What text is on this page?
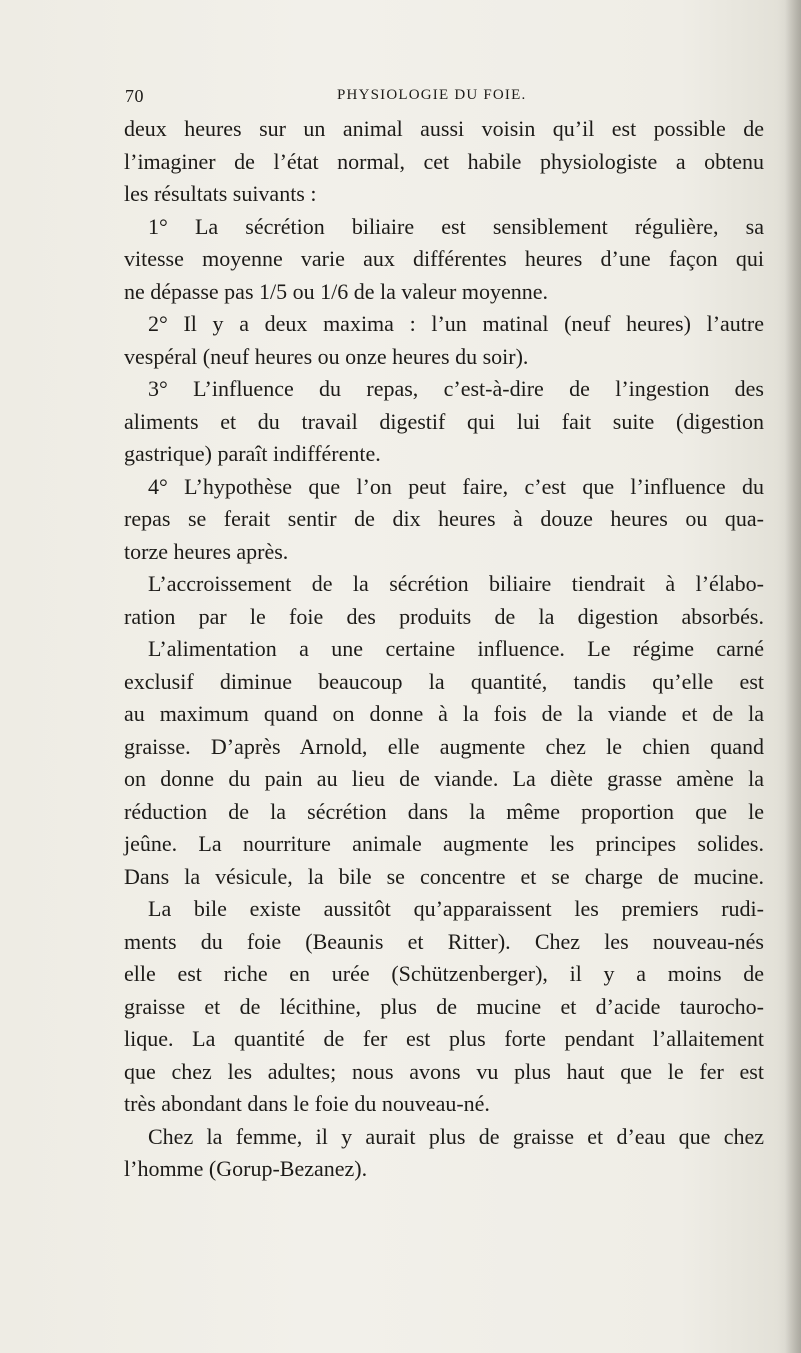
70	PHYSIOLOGIE DU FOIE.
deux heures sur un animal aussi voisin qu’il est possible de
l’imaginer de l’état normal, cet habile physiologiste a obtenu
les résultats suivants :
1° La sécrétion biliaire est sensiblement régulière, sa
vitesse moyenne varie aux différentes heures d’une façon qui
ne dépasse pas 1/5 ou 1/6 de la valeur moyenne.
2° Il y a deux maxima : l’un matinal (neuf heures) l’autre
vespéral (neuf heures ou onze heures du soir).
3° L’influence du repas, c’est-à-dire de l’ingestion des
aliments et du travail digestif qui lui fait suite (digestion
gastrique) paraît indifférente.
4° L’hypothèse que l’on peut faire, c’est que l’influence du
repas se ferait sentir de dix heures à douze heures ou qua-
torze heures après.
L’accroissement de la sécrétion biliaire tiendrait à l’élabo-
ration par le foie des produits de la digestion absorbés.
L’alimentation a une certaine influence. Le régime carné
exclusif diminue beaucoup la quantité, tandis qu’elle est
au maximum quand on donne à la fois de la viande et de la
graisse. D’après Arnold, elle augmente chez le chien quand
on donne du pain au lieu de viande. La diète grasse amène la
réduction de la sécrétion dans la même proportion que le
jeûne. La nourriture animale augmente les principes solides.
Dans la vésicule, la bile se concentre et se charge de mucine.
La bile existe aussitôt qu’apparaissent les premiers rudi-
ments du foie (Beaunis et Ritter). Chez les nouveau-nés
elle est riche en urée (Schützenberger), il y a moins de
graisse et de lécithine, plus de mucine et d’acide taurocho-
lique. La quantité de fer est plus forte pendant l’allaitement
que chez les adultes; nous avons vu plus haut que le fer est
très abondant dans le foie du nouveau-né.
Chez la femme, il y aurait plus de graisse et d’eau que chez
l’homme (Gorup-Bezanez).
